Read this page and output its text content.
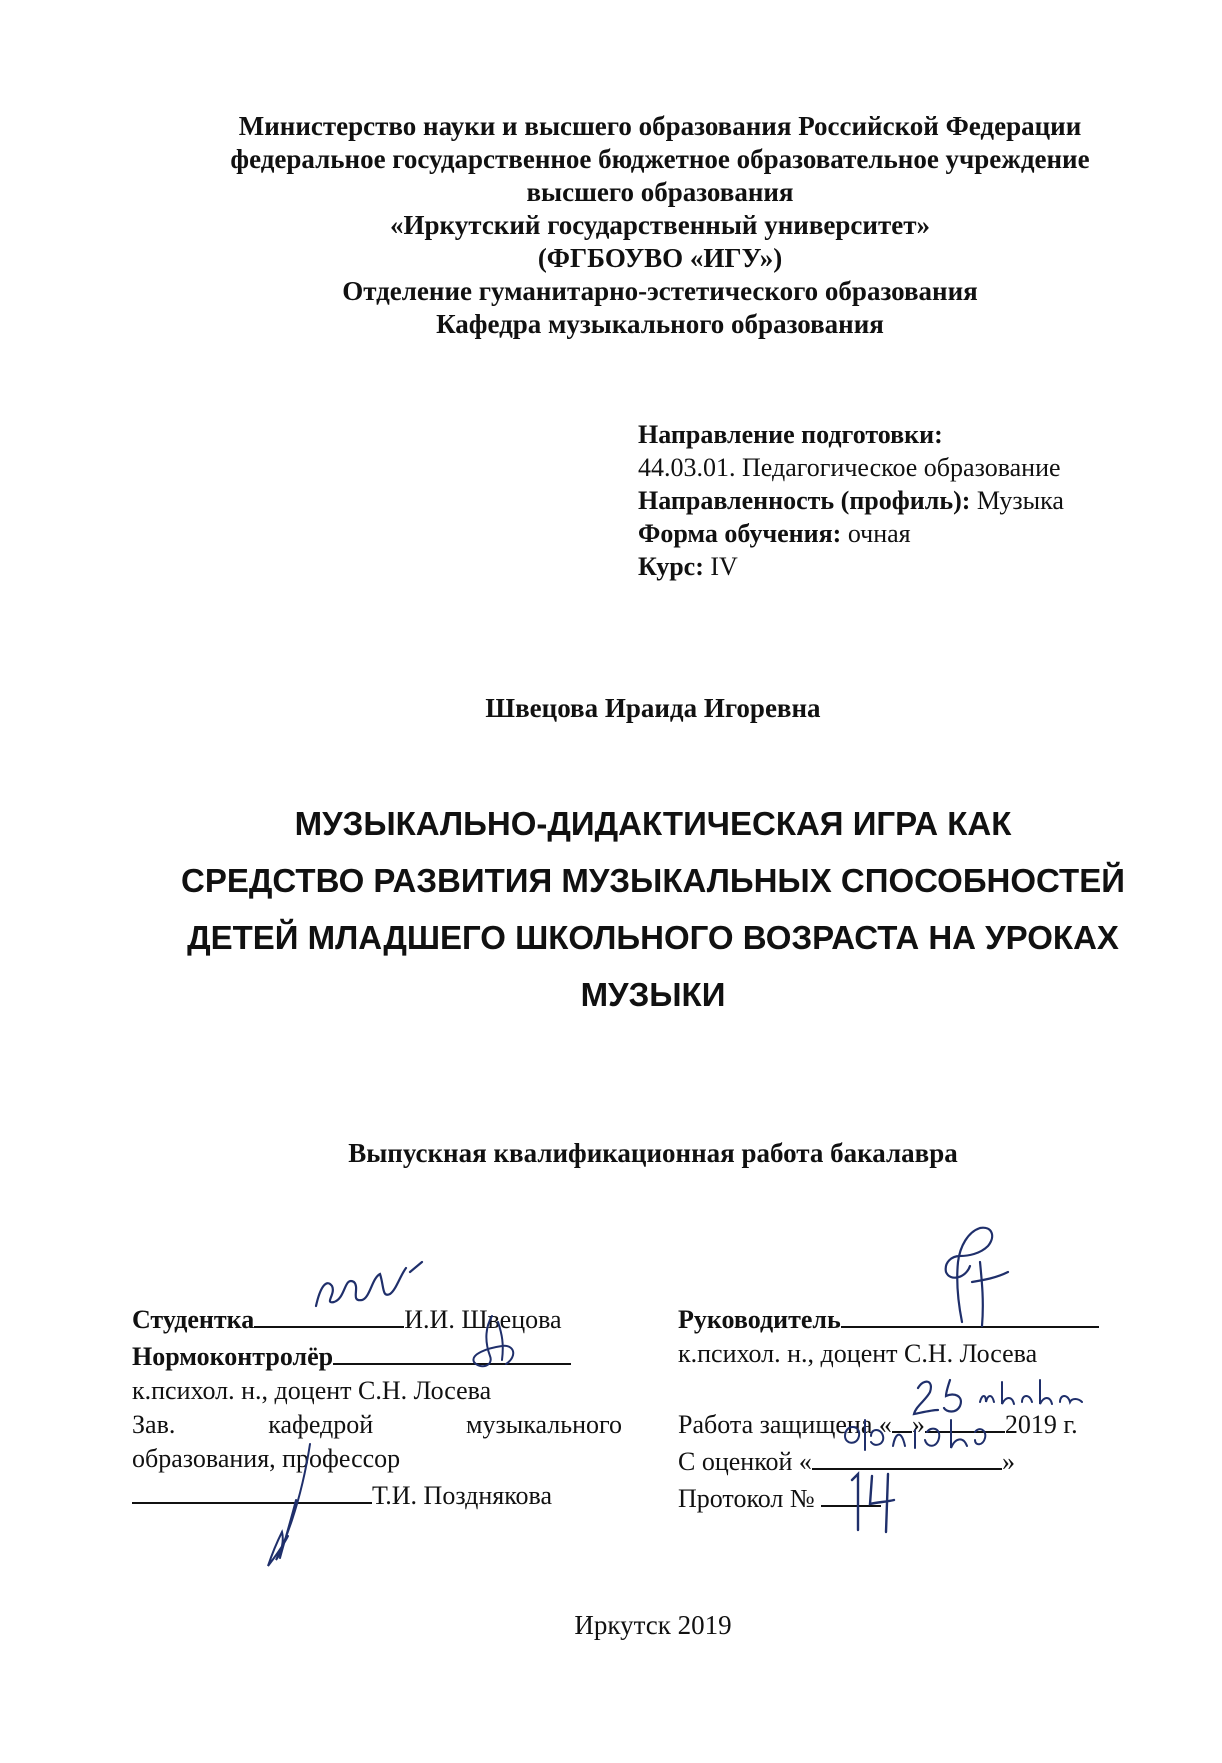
Министерство науки и высшего образования Российской Федерации
федеральное государственное бюджетное образовательное учреждение
высшего образования
«Иркутский государственный университет»
(ФГБОУВО «ИГУ»)
Отделение гуманитарно-эстетического образования
Кафедра музыкального образования
Направление подготовки:
44.03.01. Педагогическое образование
Направленность (профиль): Музыка
Форма обучения: очная
Курс: IV
Швецова Ираида Игоревна
МУЗЫКАЛЬНО-ДИДАКТИЧЕСКАЯ ИГРА КАК
СРЕДСТВО РАЗВИТИЯ МУЗЫКАЛЬНЫХ СПОСОБНОСТЕЙ
ДЕТЕЙ МЛАДШЕГО ШКОЛЬНОГО ВОЗРАСТА НА УРОКАХ
МУЗЫКИ
Выпускная квалификационная работа бакалавра
Студентка	И.И. Швецова
Нормоконтролёр
к.психол. н., доцент С.Н. Лосева
Зав.	кафедрой	музыкального
образования, профессор
Т.И. Позднякова
Руководитель
к.психол. н., доцент С.Н. Лосева
Работа защищена « »	2019 г.
С оценкой «	»
Протокол №
Иркутск 2019
